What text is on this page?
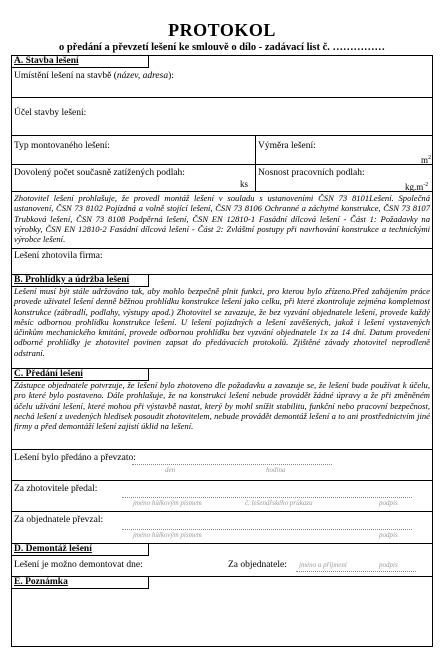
PROTOKOL
o předání a převzetí lešení ke smlouvě o dílo - zadávací list č. ……………
A. Stavba lešení
Umístění lešení na stavbě (název, adresa):
Účel stavby lešení:
Typ montovaného lešení:	Výměra lešení:
$m^2$
Dovolený počet současně zatížených podlah:
ks
Nosnost pracovních podlah:
$kg.m^{-2}$
Zhotovitel lešení prohlašuje, že provedl montáž lešení v souladu s ustanoveními ČSN 73 8101Lešení. Společná ustanovení, ČSN 73 8102 Pojízdná a volně stojící lešení, ČSN 73 8106 Ochranné a záchytné konstrukce, ČSN 73 8107 Trubková lešení, ČSN 73 8108 Podpěrná lešení, ČSN EN 12810-1 Fasádní dílcová lešení - Část 1: Požadavky na výrobky, ČSN EN 12810-2 Fasádní dílcová lešení - Část 2: Zvláštní postupy při navrhování konstrukce a technickými výrobce lešení.
Lešení zhotovila firma:
B. Prohlídky a údržba lešení
Lešení musí být stále udržováno tak, aby mohlo bezpečně plnit funkci, pro kterou bylo zřízeno.Před zahájením práce provede uživatel lešení denně běžnou prohlídku konstrukce lešení jako celku, při které zkontroluje zejména kompletnost konstrukce (zábradlí, podlahy, výstupy apod.) Zhotovitel se zavazuje, že bez vyzvání objednatele lešení, provede každý měsíc odbornou prohlídku konstrukce lešení. U lešení pojízdných a lešení zavěšených, jakož i lešení vystavených účinkům mechanického kmitání, provede odbornou prohlídku bez vyzvání objednatele 1x za 14 dní. Datum provedení odborné prohlídky je zhotovitel povinen zapsat do předávacích protokolů. Zjištěné závady zhotovitel neprodleně odstraní.
C. Předání lešení
Zástupce objednatele potvrzuje, že lešení bylo zhotoveno dle požadavku a zavazuje se, že lešení bude používat k účelu, pro které bylo postaveno. Dále prohlašuje, že na konstrukci lešení nebude provádět žádné úpravy a že při změněném účelu užívání lešení, které mohou při výstavbě nastat, který by mohl snížit stabilitu, funkční nebo pracovní bezpečnost, nechá lešení z uvedených hledisek posoudit zhotovitelem, nebude provádět demontáž lešení a to ani prostřednictvím jiné firmy a před demontáží lešení zajistí úklid na lešení.
Lešení bylo předáno a převzato:
den	hodina
Za zhotovitele předal:
jméno hůlkovým písmem	č. lešenářského průkazu	podpis
Za objednatele převzal:
jméno hůlkovým písmem	podpis
D. Demontáž lešení
Lešení je možno demontovat dne:	Za objednatele: jméno a příjmení	podpis
E. Poznámka
